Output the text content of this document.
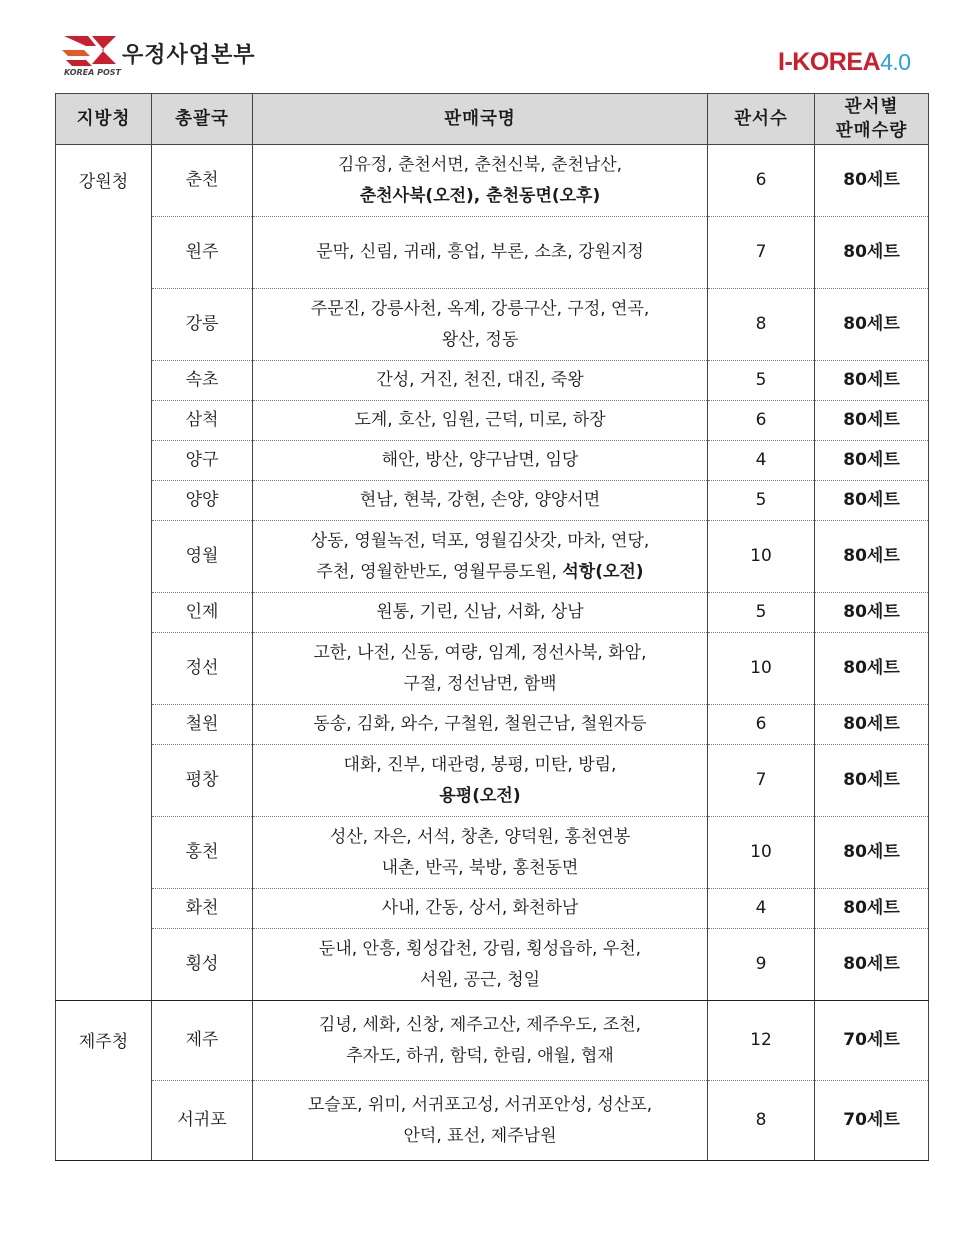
우정사업본부
KOREA POST	I-KOREA4.0
지방청	총괄국	판매국명	관서수	관서별
판매수량
강원청	춘천	김유정, 춘천서면, 춘천신북, 춘천남산,
춘천사북(오전), 춘천동면(오후)	6	80세트
	원주	문막, 신림, 귀래, 흥업, 부론, 소초, 강원지정	7	80세트
	강릉	주문진, 강릉사천, 옥계, 강릉구산, 구정, 연곡,
왕산, 정동	8	80세트
	속초	간성, 거진, 천진, 대진, 죽왕	5	80세트
	삼척	도계, 호산, 임원, 근덕, 미로, 하장	6	80세트
	양구	해안, 방산, 양구남면, 임당	4	80세트
	양양	현남, 현북, 강현, 손양, 양양서면	5	80세트
	영월	상동, 영월녹전, 덕포, 영월김삿갓, 마차, 연당,
주천, 영월한반도, 영월무릉도원, 석항(오전)	10	80세트
	인제	원통, 기린, 신남, 서화, 상남	5	80세트
	정선	고한, 나전, 신동, 여량, 임계, 정선사북, 화암,
구절, 정선남면, 함백	10	80세트
	철원	동송, 김화, 와수, 구철원, 철원근남, 철원자등	6	80세트
	평창	대화, 진부, 대관령, 봉평, 미탄, 방림,
용평(오전)	7	80세트
	홍천	성산, 자은, 서석, 창촌, 양덕원, 홍천연봉
내촌, 반곡, 북방, 홍천동면	10	80세트
	화천	사내, 간동, 상서, 화천하남	4	80세트
	횡성	둔내, 안흥, 횡성갑천, 강림, 횡성읍하, 우천,
서원, 공근, 청일	9	80세트
제주청	제주	김녕, 세화, 신창, 제주고산, 제주우도, 조천,
추자도, 하귀, 함덕, 한림, 애월, 협재	12	70세트
	서귀포	모슬포, 위미, 서귀포고성, 서귀포안성, 성산포,
안덕, 표선, 제주남원	8	70세트
